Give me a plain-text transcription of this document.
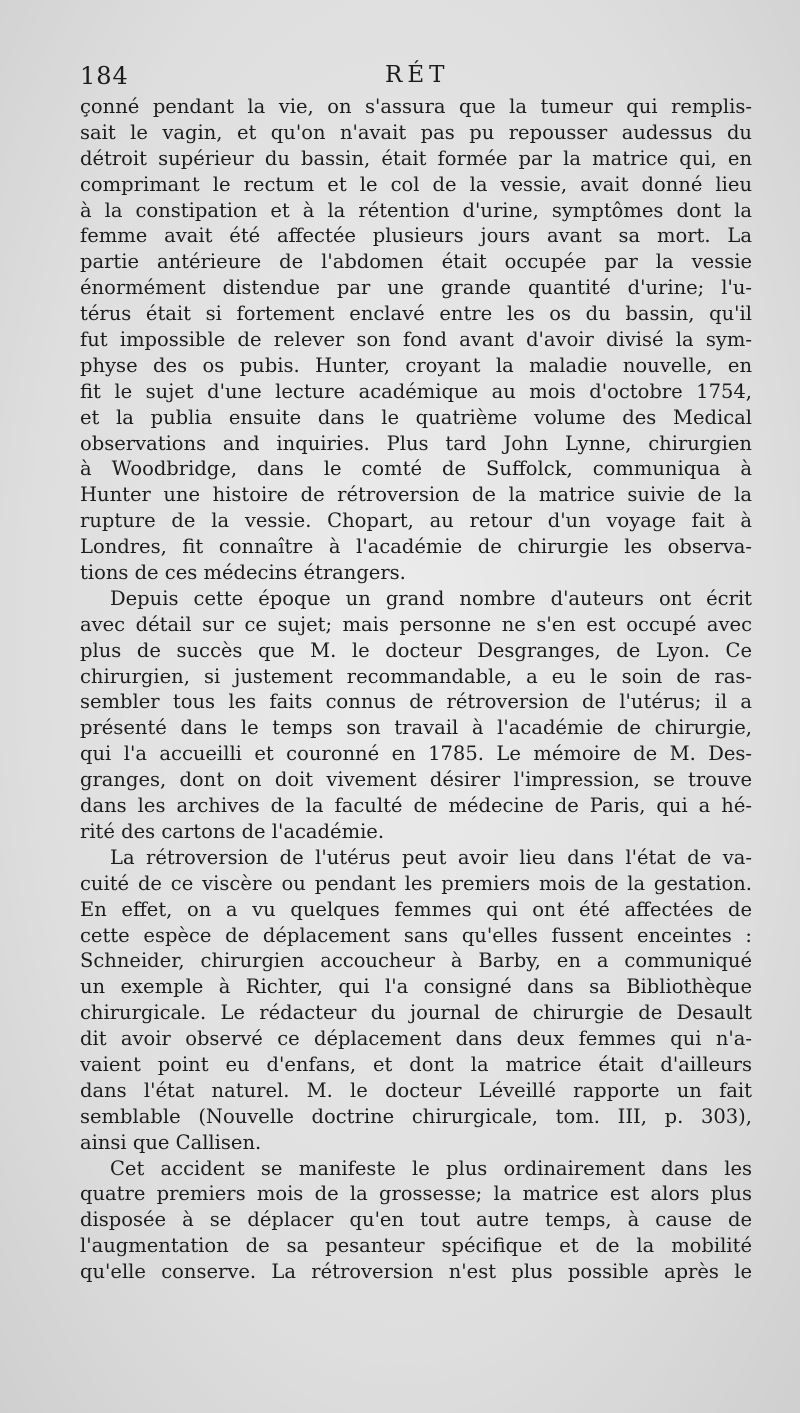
184	RÉT
çonné pendant la vie, on s'assura que la tumeur qui remplis-
sait le vagin, et qu'on n'avait pas pu repousser audessus du
détroit supérieur du bassin, était formée par la matrice qui, en
comprimant le rectum et le col de la vessie, avait donné lieu
à la constipation et à la rétention d'urine, symptômes dont la
femme avait été affectée plusieurs jours avant sa mort. La
partie antérieure de l'abdomen était occupée par la vessie
énormément distendue par une grande quantité d'urine; l'u-
térus était si fortement enclavé entre les os du bassin, qu'il
fut impossible de relever son fond avant d'avoir divisé la sym-
physe des os pubis. Hunter, croyant la maladie nouvelle, en
fit le sujet d'une lecture académique au mois d'octobre 1754,
et la publia ensuite dans le quatrième volume des Medical
observations and inquiries. Plus tard John Lynne, chirurgien
à Woodbridge, dans le comté de Suffolck, communiqua à
Hunter une histoire de rétroversion de la matrice suivie de la
rupture de la vessie. Chopart, au retour d'un voyage fait à
Londres, fit connaître à l'académie de chirurgie les observa-
tions de ces médecins étrangers.
Depuis cette époque un grand nombre d'auteurs ont écrit
avec détail sur ce sujet; mais personne ne s'en est occupé avec
plus de succès que M. le docteur Desgranges, de Lyon. Ce
chirurgien, si justement recommandable, a eu le soin de ras-
sembler tous les faits connus de rétroversion de l'utérus; il a
présenté dans le temps son travail à l'académie de chirurgie,
qui l'a accueilli et couronné en 1785. Le mémoire de M. Des-
granges, dont on doit vivement désirer l'impression, se trouve
dans les archives de la faculté de médecine de Paris, qui a hé-
rité des cartons de l'académie.
La rétroversion de l'utérus peut avoir lieu dans l'état de va-
cuité de ce viscère ou pendant les premiers mois de la gestation.
En effet, on a vu quelques femmes qui ont été affectées de
cette espèce de déplacement sans qu'elles fussent enceintes :
Schneider, chirurgien accoucheur à Barby, en a communiqué
un exemple à Richter, qui l'a consigné dans sa Bibliothèque
chirurgicale. Le rédacteur du journal de chirurgie de Desault
dit avoir observé ce déplacement dans deux femmes qui n'a-
vaient point eu d'enfans, et dont la matrice était d'ailleurs
dans l'état naturel. M. le docteur Léveillé rapporte un fait
semblable (Nouvelle doctrine chirurgicale, tom. III, p. 303),
ainsi que Callisen.
Cet accident se manifeste le plus ordinairement dans les
quatre premiers mois de la grossesse; la matrice est alors plus
disposée à se déplacer qu'en tout autre temps, à cause de
l'augmentation de sa pesanteur spécifique et de la mobilité
qu'elle conserve. La rétroversion n'est plus possible après le
